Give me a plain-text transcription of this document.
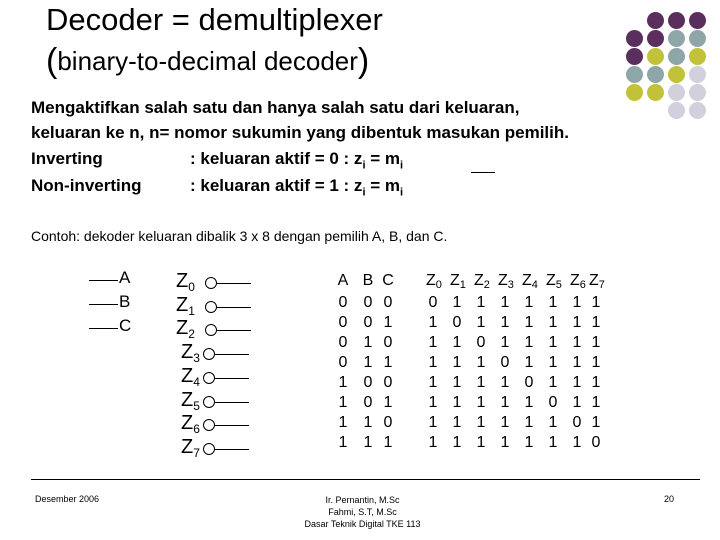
Decoder = demultiplexer
(binary-to-decimal decoder)
Mengaktifkan salah satu dan hanya salah satu dari keluaran,
keluaran ke n, n= nomor sukumin yang dibentuk masukan pemilih.
Inverting	: keluaran aktif = 0 : $z_i = m_i$
Non-inverting	: keluaran aktif = 1 : $z_i = m_i$
Contoh: dekoder keluaran dibalik 3 x 8 dengan pemilih A, B, dan C.
A
B
C
$Z_0$
$Z_1$
$Z_2$
$Z_3$
$Z_4$
$Z_5$
$Z_6$
$Z_7$
A B C $Z_0$ $Z_1$ $Z_2$ $Z_3$ $Z_4$ $Z_5$ $Z_6$ $Z_7$
0 0 0 0 1 1 1 1 1 1 1
0 0 1 1 0 1 1 1 1 1 1
0 1 0 1 1 0 1 1 1 1 1
0 1 1 1 1 1 0 1 1 1 1
1 0 0 1 1 1 1 0 1 1 1
1 0 1 1 1 1 1 1 0 1 1
1 1 0 1 1 1 1 1 1 0 1
1 1 1 1 1 1 1 1 1 1 0
Desember 2006	Ir. Pernantin, M.Sc
Fahmi, S.T, M.Sc
Dasar Teknik Digital TKE 113
20
